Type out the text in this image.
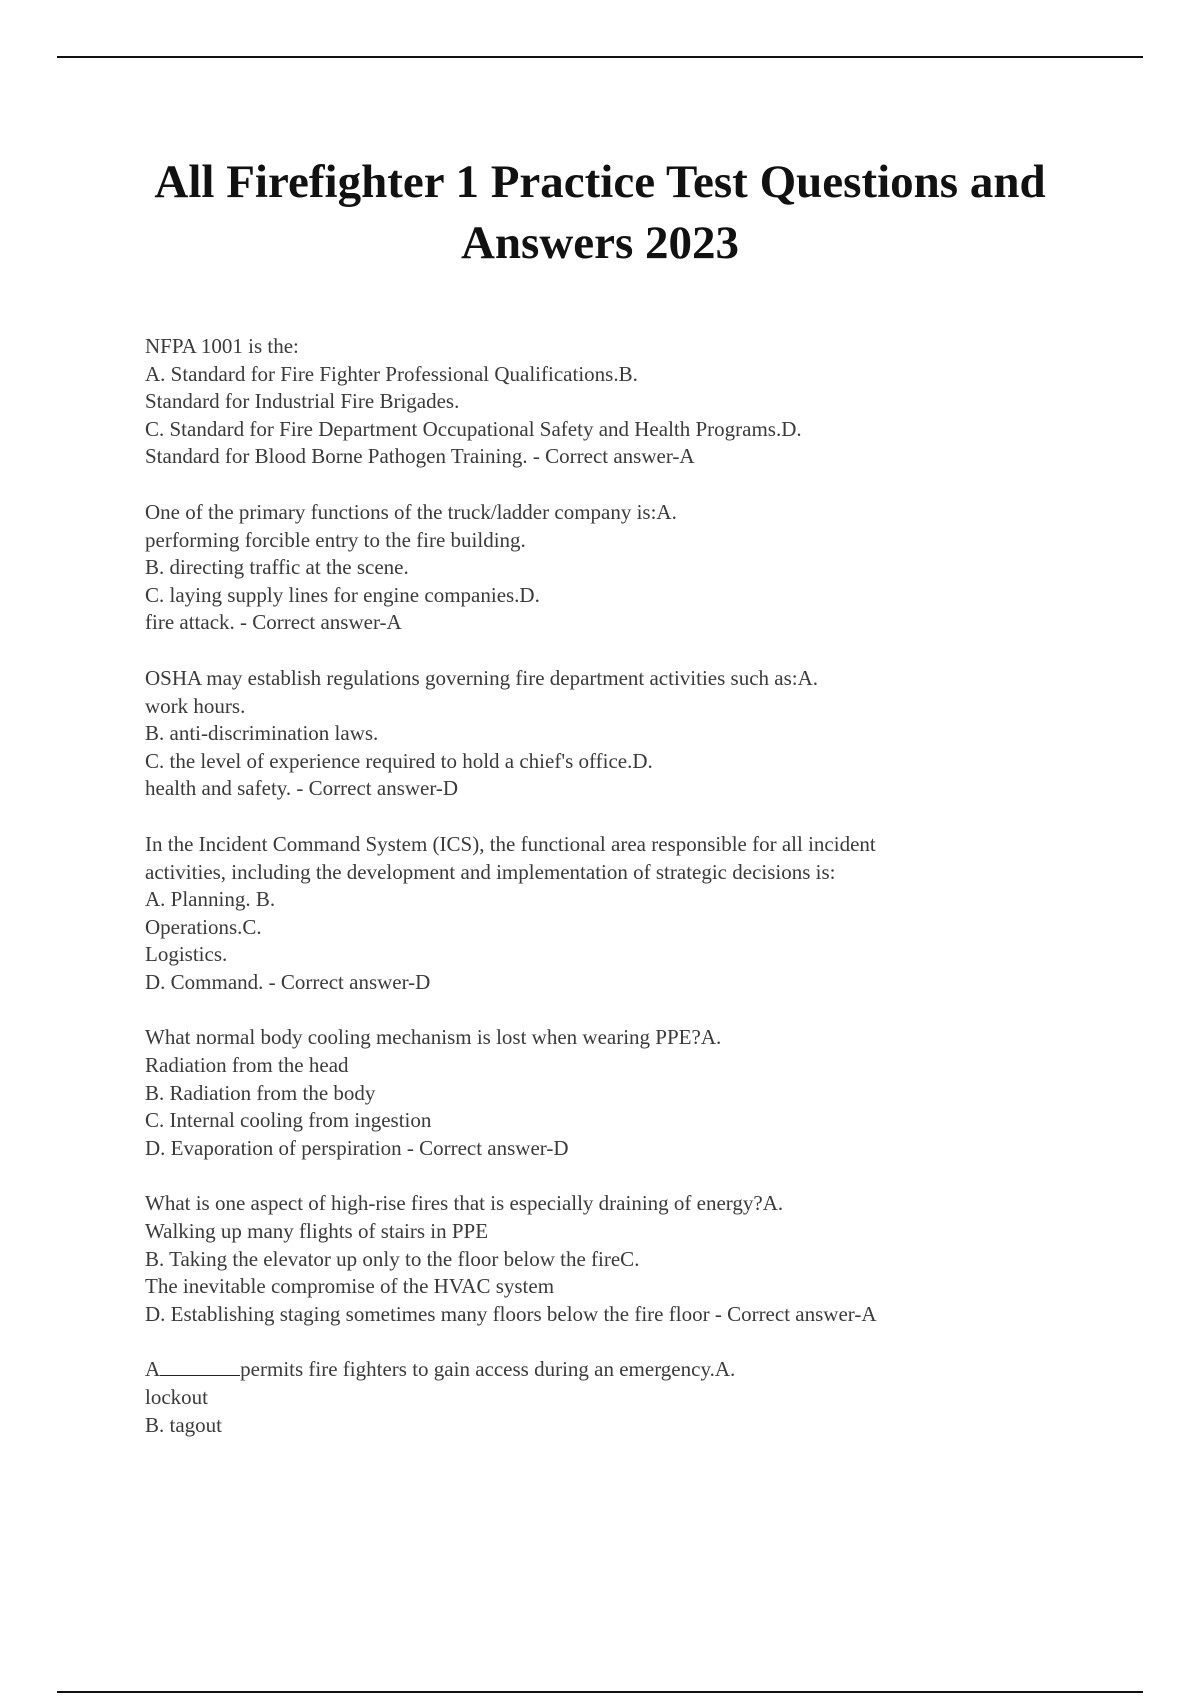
All Firefighter 1 Practice Test Questions and
Answers 2023
NFPA 1001 is the:
A. Standard for Fire Fighter Professional Qualifications.B.
Standard for Industrial Fire Brigades.
C. Standard for Fire Department Occupational Safety and Health Programs.D.
Standard for Blood Borne Pathogen Training. - Correct answer-A
One of the primary functions of the truck/ladder company is:A.
performing forcible entry to the fire building.
B. directing traffic at the scene.
C. laying supply lines for engine companies.D.
fire attack. - Correct answer-A
OSHA may establish regulations governing fire department activities such as:A.
work hours.
B. anti-discrimination laws.
C. the level of experience required to hold a chief's office.D.
health and safety. - Correct answer-D
In the Incident Command System (ICS), the functional area responsible for all incident
activities, including the development and implementation of strategic decisions is:
A. Planning. B.
Operations.C.
Logistics.
D. Command. - Correct answer-D
What normal body cooling mechanism is lost when wearing PPE?A.
Radiation from the head
B. Radiation from the body
C. Internal cooling from ingestion
D. Evaporation of perspiration - Correct answer-D
What is one aspect of high-rise fires that is especially draining of energy?A.
Walking up many flights of stairs in PPE
B. Taking the elevator up only to the floor below the fireC.
The inevitable compromise of the HVAC system
D. Establishing staging sometimes many floors below the fire floor - Correct answer-A
A	permits fire fighters to gain access during an emergency.A.
lockout
B. tagout
